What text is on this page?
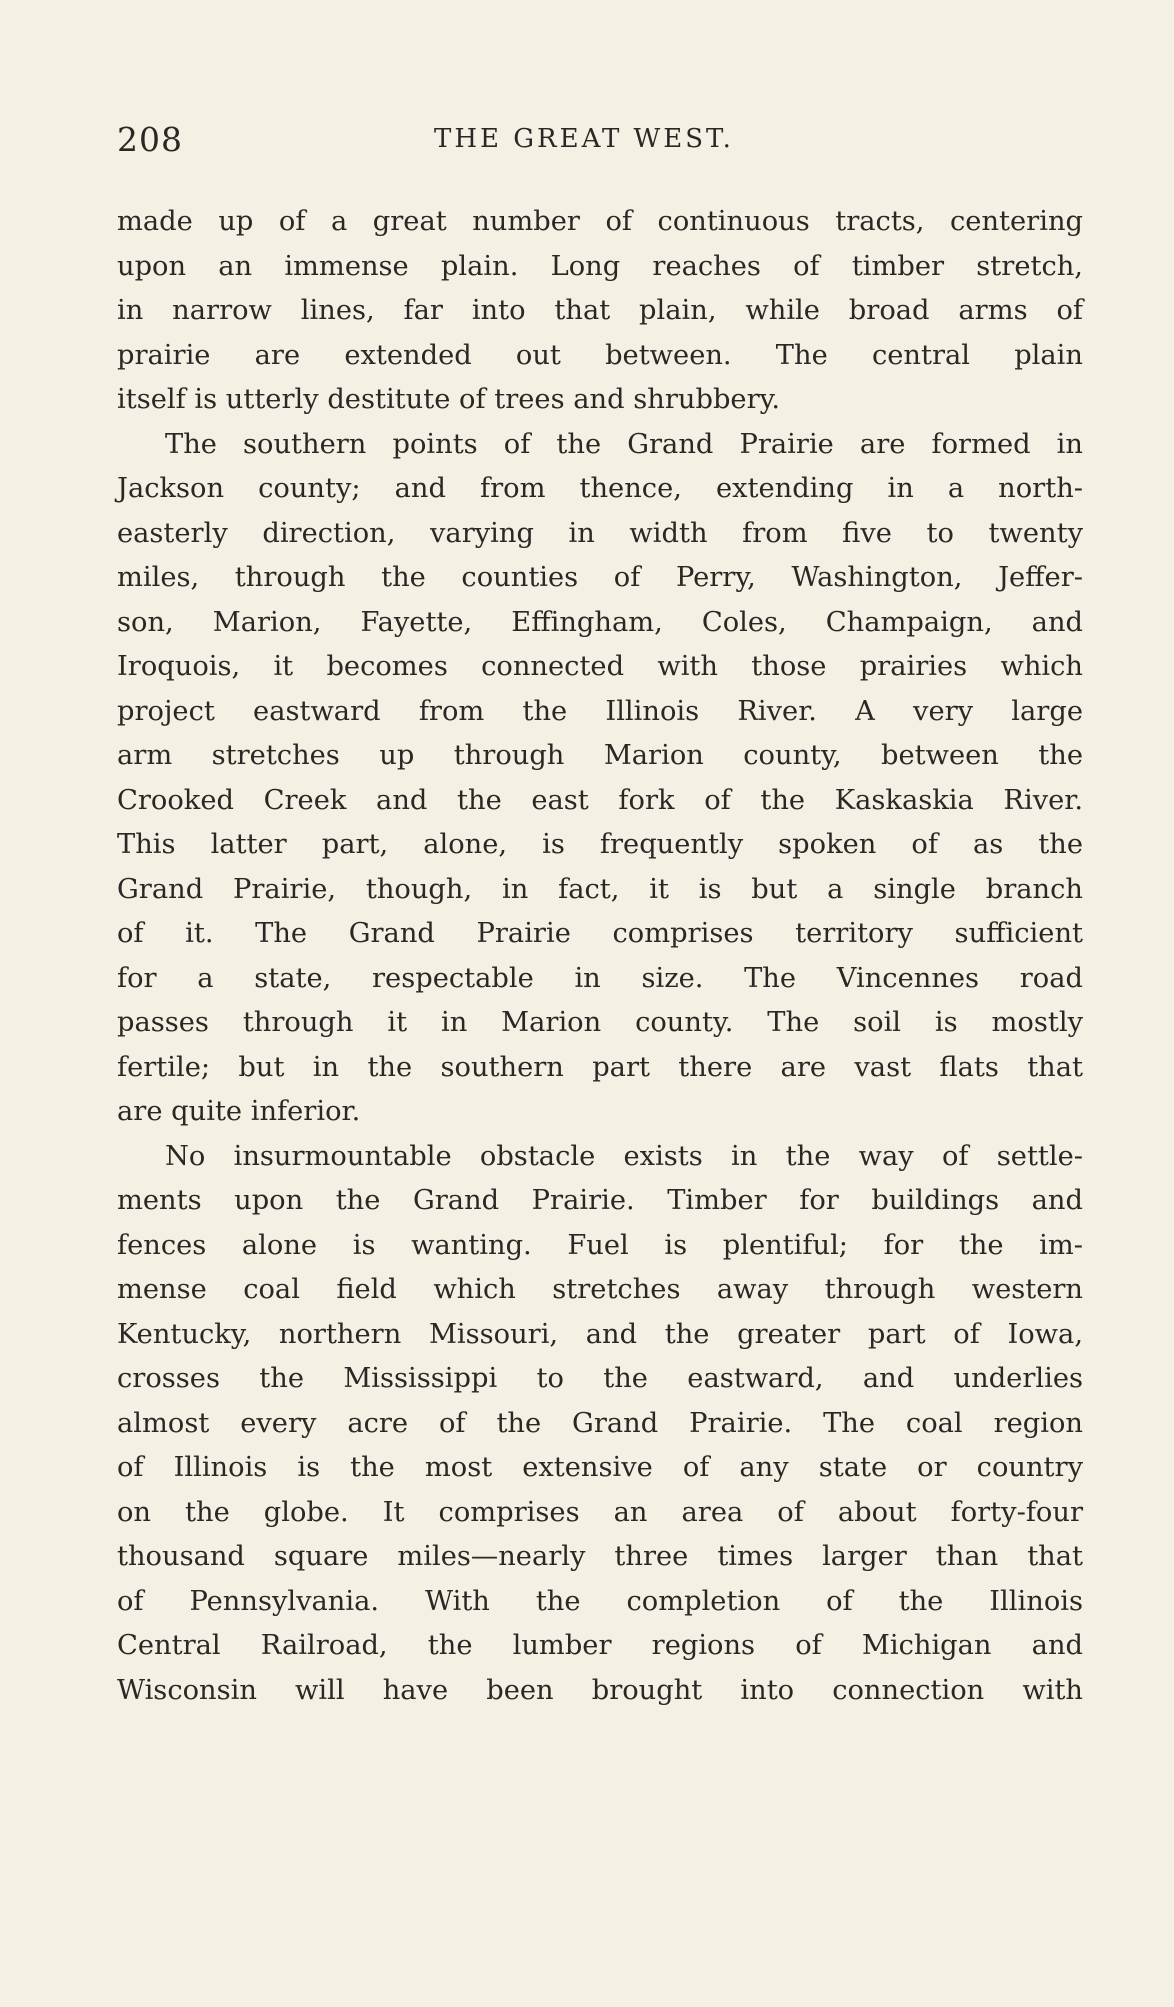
208	THE GREAT WEST.
made up of a great number of continuous tracts, centering
upon an immense plain. Long reaches of timber stretch,
in narrow lines, far into that plain, while broad arms of
prairie are extended out between. The central plain
itself is utterly destitute of trees and shrubbery.
The southern points of the Grand Prairie are formed in
Jackson county; and from thence, extending in a north-
easterly direction, varying in width from five to twenty
miles, through the counties of Perry, Washington, Jeffer-
son, Marion, Fayette, Effingham, Coles, Champaign, and
Iroquois, it becomes connected with those prairies which
project eastward from the Illinois River. A very large
arm stretches up through Marion county, between the
Crooked Creek and the east fork of the Kaskaskia River.
This latter part, alone, is frequently spoken of as the
Grand Prairie, though, in fact, it is but a single branch
of it. The Grand Prairie comprises territory sufficient
for a state, respectable in size. The Vincennes road
passes through it in Marion county. The soil is mostly
fertile; but in the southern part there are vast flats that
are quite inferior.
No insurmountable obstacle exists in the way of settle-
ments upon the Grand Prairie. Timber for buildings and
fences alone is wanting. Fuel is plentiful; for the im-
mense coal field which stretches away through western
Kentucky, northern Missouri, and the greater part of Iowa,
crosses the Mississippi to the eastward, and underlies
almost every acre of the Grand Prairie. The coal region
of Illinois is the most extensive of any state or country
on the globe. It comprises an area of about forty-four
thousand square miles—nearly three times larger than that
of Pennsylvania. With the completion of the Illinois
Central Railroad, the lumber regions of Michigan and
Wisconsin will have been brought into connection with
